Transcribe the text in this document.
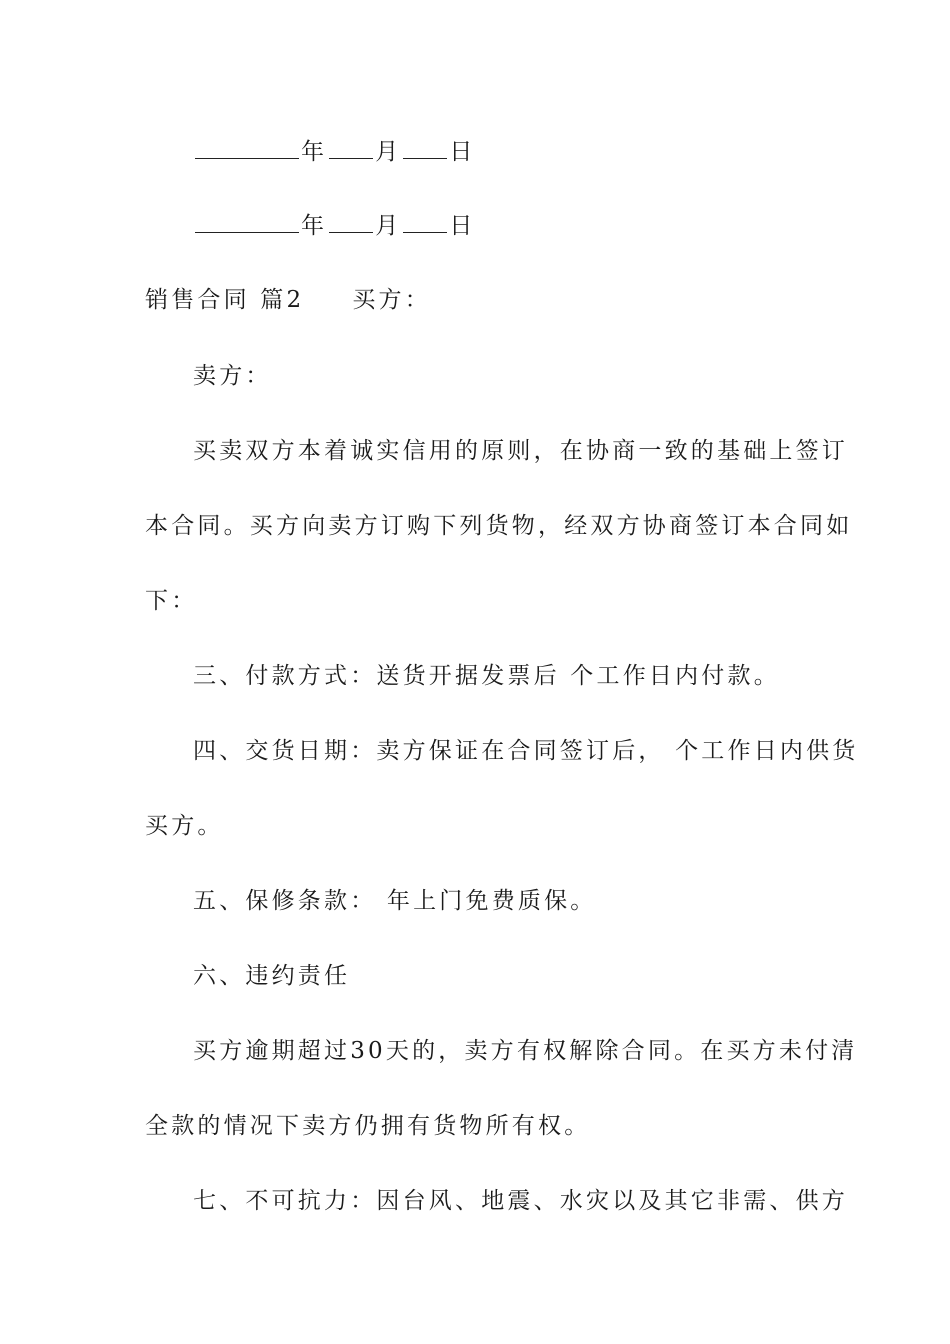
年 月 日
年 月 日
销售合同 篇2 买方：
卖方：
买卖双方本着诚实信用的原则，在协商一致的基础上签订
本合同。买方向卖方订购下列货物，经双方协商签订本合同如
下：
三、付款方式：送货开据发票后 个工作日内付款。
四、交货日期：卖方保证在合同签订后， 个工作日内供货
买方。
五、保修条款： 年上门免费质保。
六、违约责任
买方逾期超过30天的，卖方有权解除合同。在买方未付清
全款的情况下卖方仍拥有货物所有权。
七、不可抗力：因台风、地震、水灾以及其它非需、供方
